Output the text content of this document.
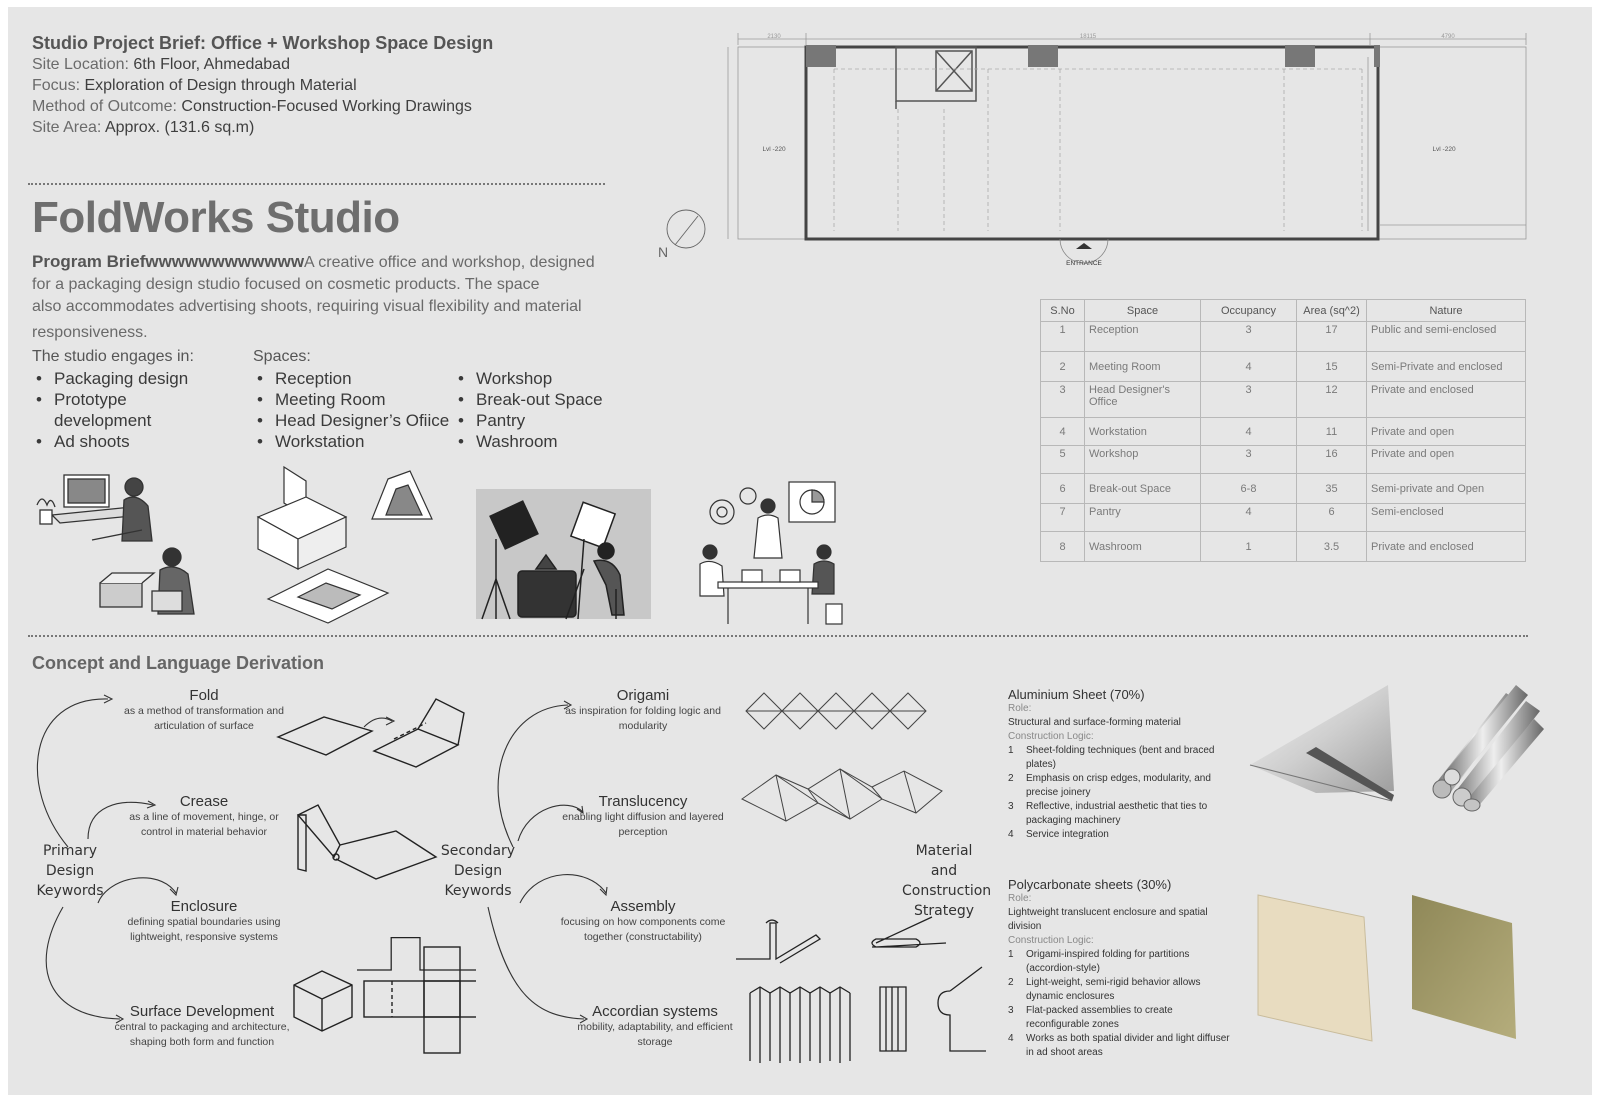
Studio Project Brief: Office + Workshop Space Design
Site Location: 6th Floor, Ahmedabad
Focus: Exploration of Design through Material
Method of Outcome: Construction-Focused Working Drawings
Site Area: Approx. (131.6 sq.m)
FoldWorks Studio
Program BriefwwwwwwwwwwwwA creative office and workshop, designed
for a packaging design studio focused on cosmetic products. The space
also accommodates advertising shoots, requiring visual flexibility and material
responsiveness.
The studio engages in:
• Packaging design
• Prototype development
• Ad shoots
Spaces:
• Reception
• Meeting Room
• Head Designer’s Ofiice
• Workstation
• Workshop
• Break-out Space
• Pantry
• Washroom
ENTRANCE
Lvl -220	Lvl -220
2130	18115	4790
N
S.No	Space	Occupancy	Area (sq^2)	Nature
1	Reception	3	17	Public and semi-enclosed
2	Meeting Room	4	15	Semi-Private and enclosed
3	Head Designer's Office	3	12	Private and enclosed
4	Workstation	4	11	Private and open
5	Workshop	3	16	Private and open
6	Break-out Space	6-8	35	Semi-private and Open
7	Pantry	4	6	Semi-enclosed
8	Washroom	1	3.5	Private and enclosed
Concept and Language Derivation
Primary
Design
Keywords
Fold
as a method of transformation and
articulation of surface
Crease
as a line of movement, hinge, or
control in material behavior
Enclosure
defining spatial boundaries using
lightweight, responsive systems
Surface Development
central to packaging and architecture,
shaping both form and function
Secondary
Design
Keywords
Origami
as inspiration for folding logic and
modularity
Translucency
enabling light diffusion and layered
perception
Assembly
focusing on how components come
together (constructability)
Accordian systems
mobility, adaptability, and efficient
storage
Material and
Construction
Strategy
Aluminium Sheet (70%)
Role:
Structural and surface-forming material
Construction Logic:
1 Sheet-folding techniques (bent and braced plates)
2 Emphasis on crisp edges, modularity, and precise joinery
3 Reflective, industrial aesthetic that ties to packaging machinery
4 Service integration
Polycarbonate sheets (30%)
Role:
Lightweight translucent enclosure and spatial division
Construction Logic:
1 Origami-inspired folding for partitions (accordion-style)
2 Light-weight, semi-rigid behavior allows dynamic enclosures
3 Flat-packed assemblies to create reconfigurable zones
4 Works as both spatial divider and light diffuser in ad shoot areas
